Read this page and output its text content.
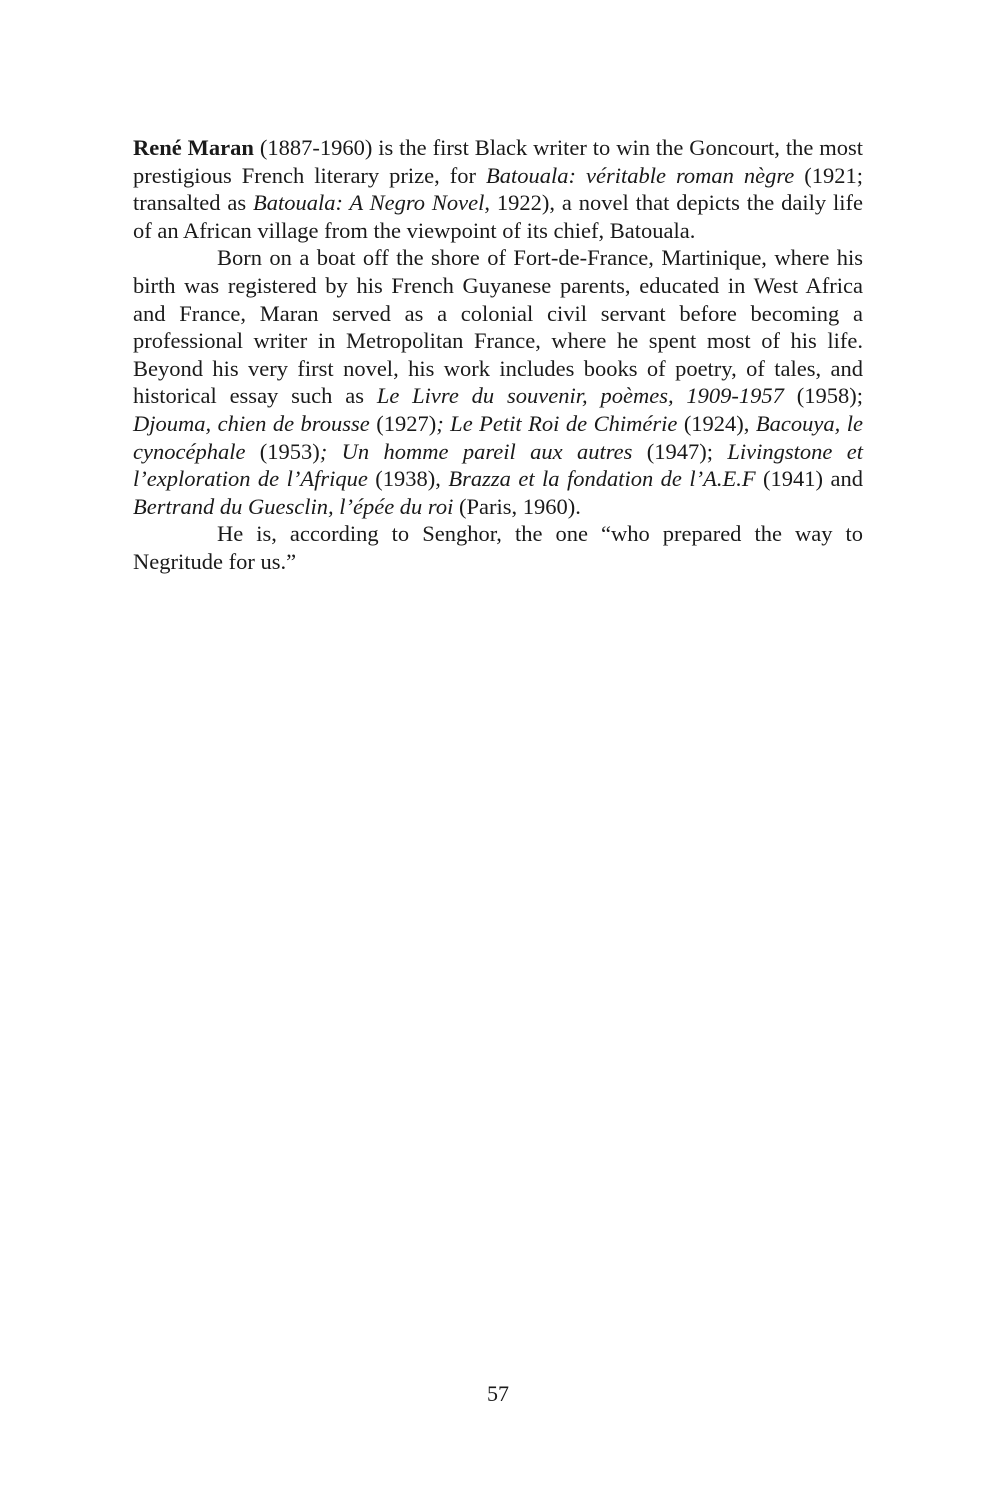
René Maran (1887-1960) is the first Black writer to win the Goncourt, the most prestigious French literary prize, for Batouala: véritable roman nègre (1921; transalted as Batouala: A Negro Novel, 1922), a novel that depicts the daily life of an African village from the viewpoint of its chief, Batouala.

Born on a boat off the shore of Fort-de-France, Martinique, where his birth was registered by his French Guyanese parents, educated in West Africa and France, Maran served as a colonial civil servant before becoming a professional writer in Metropolitan France, where he spent most of his life. Beyond his very first novel, his work includes books of poetry, of tales, and historical essay such as Le Livre du souvenir, poèmes, 1909-1957 (1958); Djouma, chien de brousse (1927); Le Petit Roi de Chimérie (1924), Bacouya, le cynocéphale (1953); Un homme pareil aux autres (1947); Livingstone et l’exploration de l’Afrique (1938), Brazza et la fondation de l’A.E.F (1941) and Bertrand du Guesclin, l’épée du roi (Paris, 1960).

He is, according to Senghor, the one “who prepared the way to Negritude for us.”

57
